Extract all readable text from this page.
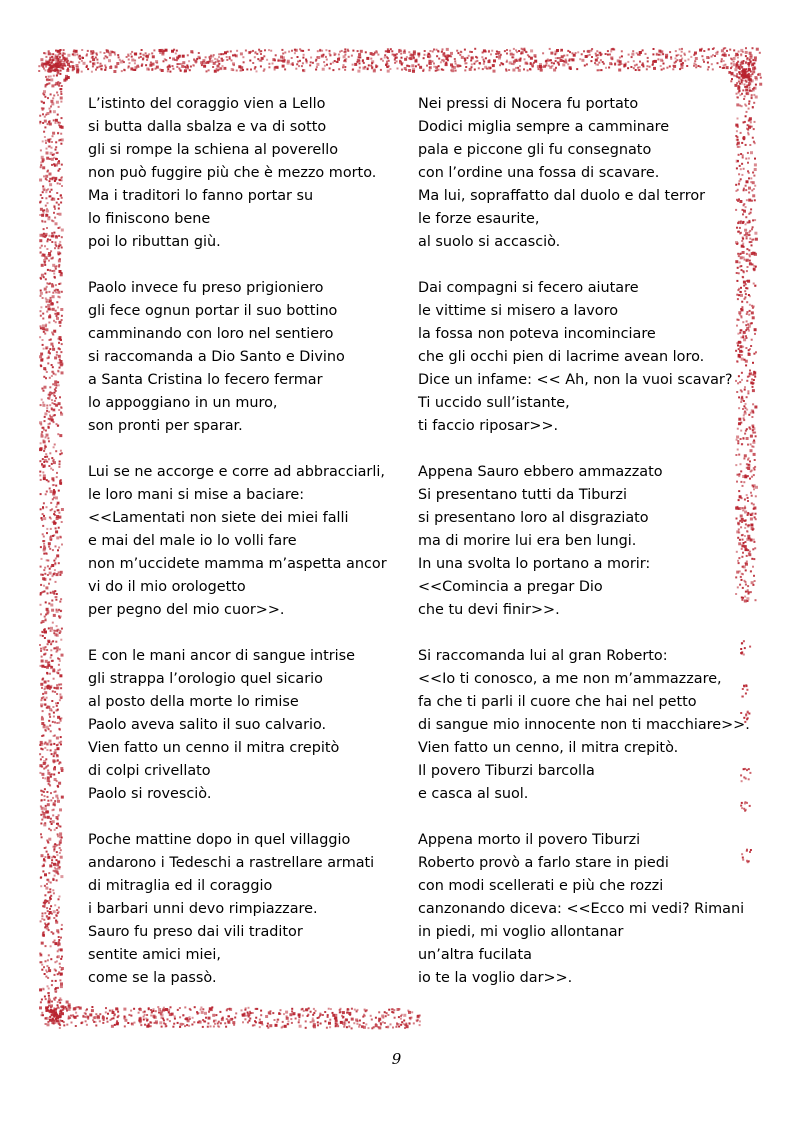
L’istinto del coraggio vien a Lello
si butta dalla sbalza e va di sotto
gli si rompe la schiena al poverello
non può fuggire più che è mezzo morto.
Ma i traditori lo fanno portar su
lo finiscono bene
poi lo ributtan giù.
Paolo invece fu preso prigioniero
gli fece ognun portar il suo bottino
camminando con loro nel sentiero
si raccomanda a Dio Santo e Divino
a Santa Cristina lo fecero fermar
lo appoggiano in un muro,
son pronti per sparar.
Lui se ne accorge e corre ad abbracciarli,
le loro mani si mise a baciare:
<<Lamentati non siete dei miei falli
e mai del male io lo volli fare
non m’uccidete mamma m’aspetta ancor
vi do il mio orologetto
per pegno del mio cuor>>.
E con le mani ancor di sangue intrise
gli strappa l’orologio quel sicario
al posto della morte lo rimise
Paolo aveva salito il suo calvario.
Vien fatto un cenno il mitra crepitò
di colpi crivellato
Paolo si rovesciò.
Poche mattine dopo in quel villaggio
andarono i Tedeschi a rastrellare armati
di mitraglia ed il coraggio
i barbari unni devo rimpiazzare.
Sauro fu preso dai vili traditor
sentite amici miei,
come se la passò.
Nei pressi di Nocera fu portato
Dodici miglia sempre a camminare
pala e piccone gli fu consegnato
con l’ordine una fossa di scavare.
Ma lui, sopraffatto dal duolo e dal terror
le forze esaurite,
al suolo si accasciò.
Dai compagni si fecero aiutare
le vittime si misero a lavoro
la fossa non poteva incominciare
che gli occhi pien di lacrime avean loro.
Dice un infame: << Ah, non la vuoi scavar?
Ti uccido sull’istante,
ti faccio riposar>>.
Appena Sauro ebbero ammazzato
Si presentano tutti da Tiburzi
si presentano loro al disgraziato
ma di morire lui era ben lungi.
In una svolta lo portano a morir:
<<Comincia a pregar Dio
che tu devi finir>>.
Si raccomanda lui al gran Roberto:
<<Io ti conosco, a me non m’ammazzare,
fa che ti parli il cuore che hai nel petto
di sangue mio innocente non ti macchiare>>.
Vien fatto un cenno, il mitra crepitò.
Il povero Tiburzi barcolla
e casca al suol.
Appena morto il povero Tiburzi
Roberto provò a farlo stare in piedi
con modi scellerati e più che rozzi
canzonando diceva: <<Ecco mi vedi? Rimani
in piedi, mi voglio allontanar
un’altra fucilata
io te la voglio dar>>.
9
